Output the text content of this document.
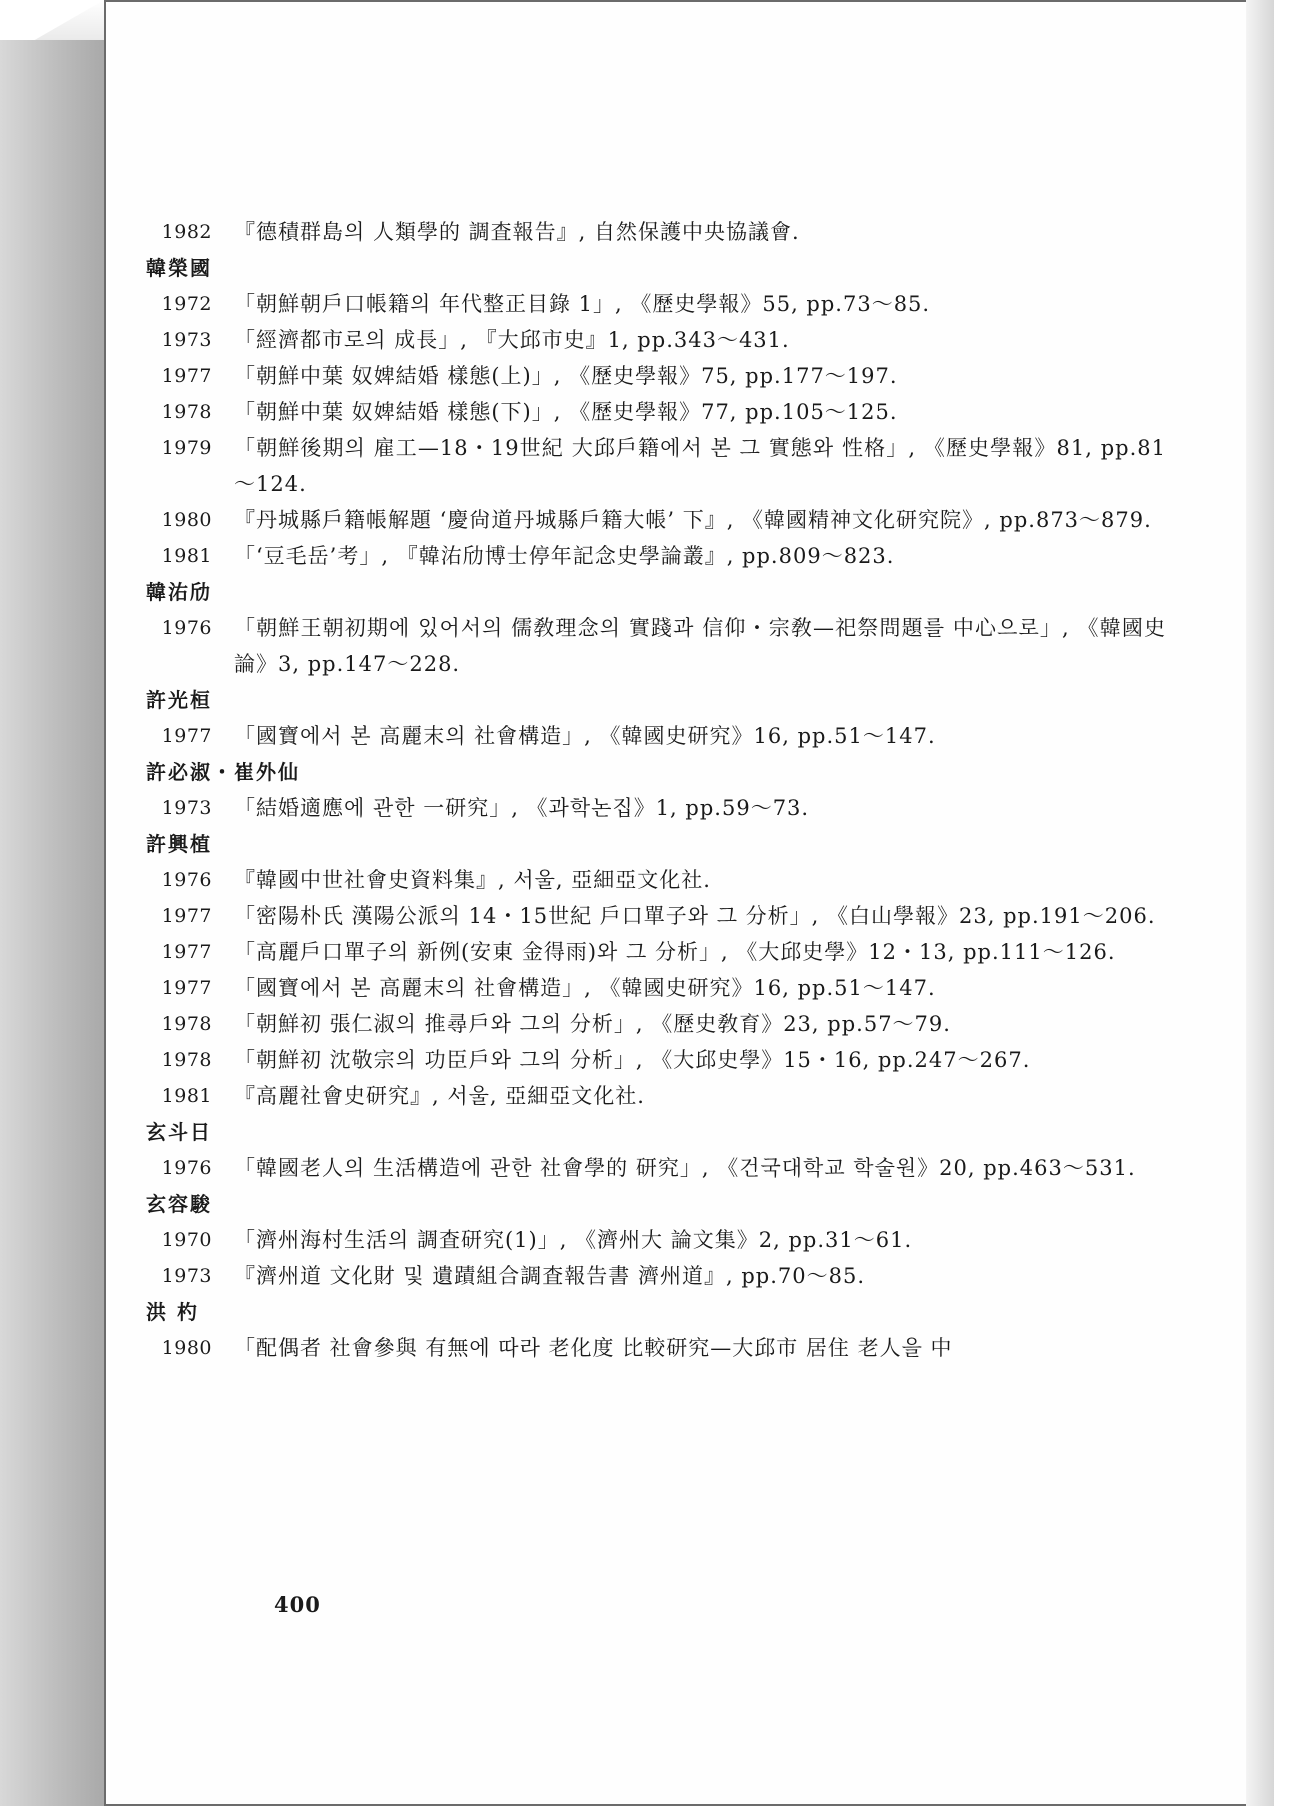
1982	『德積群島의 人類學的 調査報告』, 自然保護中央協議會.
韓榮國
1972	「朝鮮朝戶口帳籍의 年代整正目錄 1」, 《歷史學報》55, pp.73～85.
1973	「經濟都市로의 成長」, 『大邱市史』1, pp.343～431.
1977	「朝鮮中葉 奴婢結婚 樣態(上)」, 《歷史學報》75, pp.177～197.
1978	「朝鮮中葉 奴婢結婚 樣態(下)」, 《歷史學報》77, pp.105～125.
1979	「朝鮮後期의 雇工—18・19世紀 大邱戶籍에서 본 그 實態와 性格」, 《歷史學報》81, pp.81～124.
1980	『丹城縣戶籍帳解題 ‘慶尙道丹城縣戶籍大帳’ 下』, 《韓國精神文化研究院》, pp.873～879.
1981	「‘豆毛岳’考」, 『韓㳓劤博士停年記念史學論叢』, pp.809～823.
韓㳓劤
1976	「朝鮮王朝初期에 있어서의 儒敎理念의 實踐과 信仰・宗敎—祀祭問題를 中心으로」, 《韓國史論》3, pp.147～228.
許光桓
1977	「國寶에서 본 高麗末의 社會構造」, 《韓國史研究》16, pp.51～147.
許必淑・崔外仙
1973	「結婚適應에 관한 一研究」, 《과학논집》1, pp.59～73.
許興植
1976	『韓國中世社會史資料集』, 서울, 亞細亞文化社.
1977	「密陽朴氏 漢陽公派의 14・15世紀 戶口單子와 그 分析」, 《白山學報》23, pp.191～206.
1977	「高麗戶口單子의 新例(安東 金得雨)와 그 分析」, 《大邱史學》12・13, pp.111～126.
1977	「國寶에서 본 高麗末의 社會構造」, 《韓國史研究》16, pp.51～147.
1978	「朝鮮初 張仁淑의 推尋戶와 그의 分析」, 《歷史敎育》23, pp.57～79.
1978	「朝鮮初 沈敬宗의 功臣戶와 그의 分析」, 《大邱史學》15・16, pp.247～267.
1981	『高麗社會史研究』, 서울, 亞細亞文化社.
玄斗日
1976	「韓國老人의 生活構造에 관한 社會學的 研究」, 《건국대학교 학술원》20, pp.463～531.
玄容駿
1970	「濟州海村生活의 調査研究(1)」, 《濟州大 論文集》2, pp.31～61.
1973	『濟州道 文化財 및 遺蹟組合調査報告書 濟州道』, pp.70～85.
洪 杓
1980	「配偶者 社會參與 有無에 따라 老化度 比較研究—大邱市 居住 老人을 中
400
